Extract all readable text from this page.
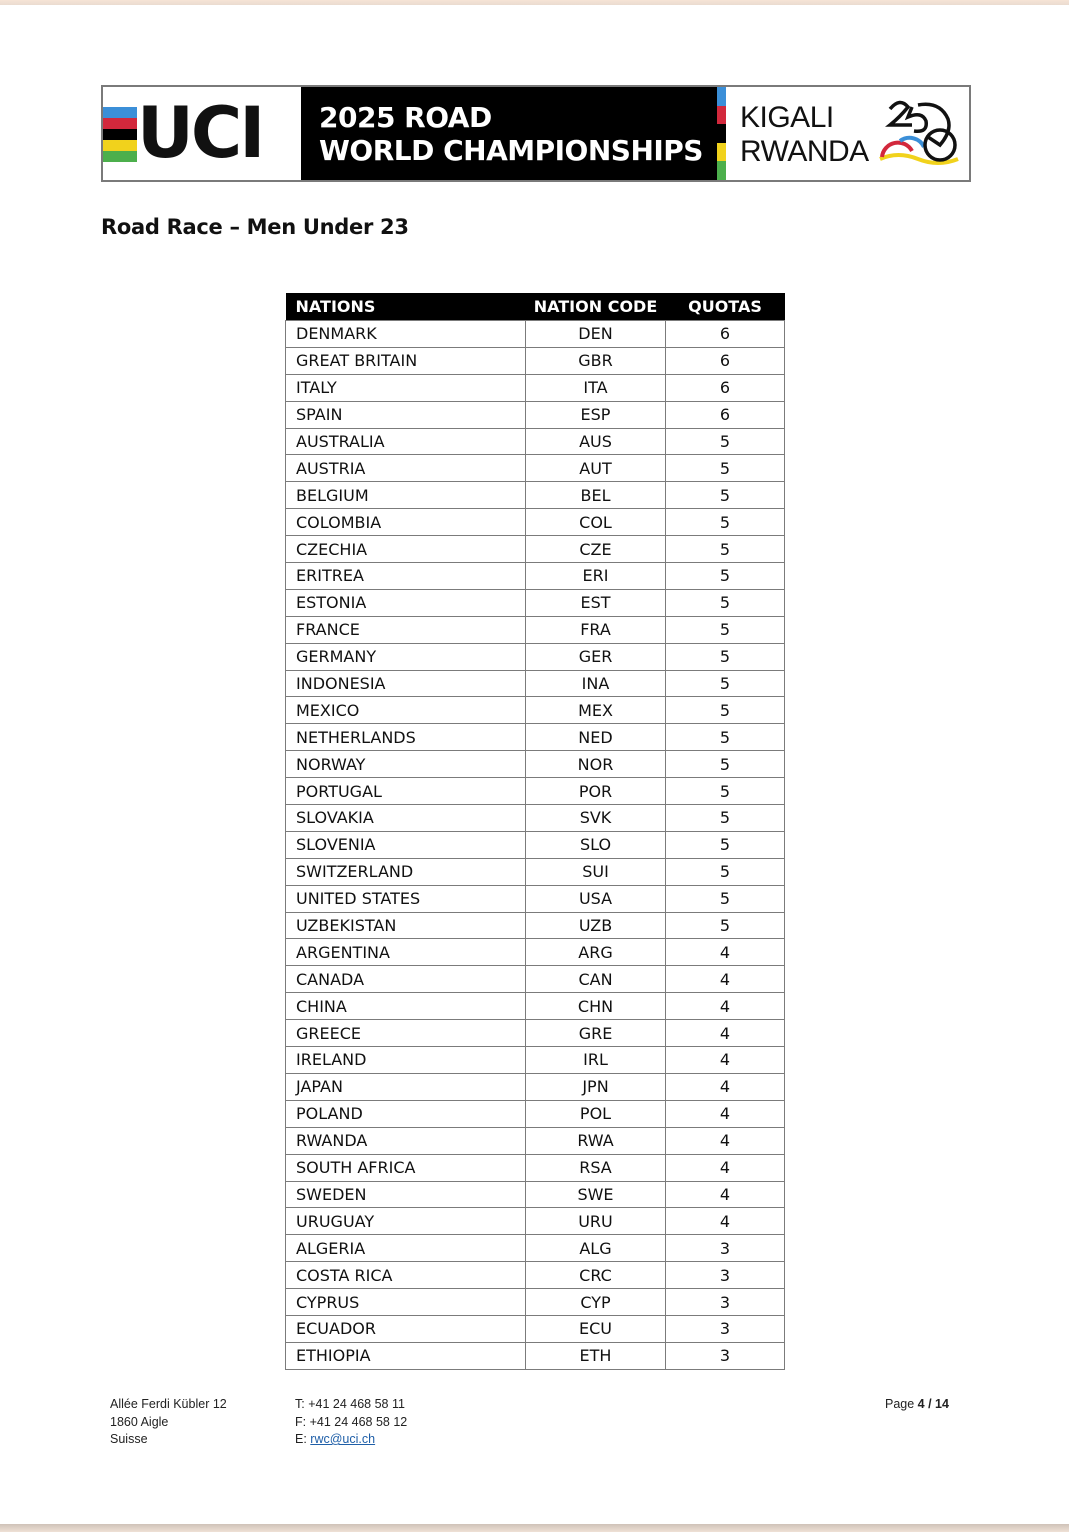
UCI 2025 ROAD
WORLD CHAMPIONSHIPS
KIGALI
RWANDA
Road Race – Men Under 23
NATIONS	NATION CODE	QUOTAS
DENMARK	DEN	6
GREAT BRITAIN	GBR	6
ITALY	ITA	6
SPAIN	ESP	6
AUSTRALIA	AUS	5
AUSTRIA	AUT	5
BELGIUM	BEL	5
COLOMBIA	COL	5
CZECHIA	CZE	5
ERITREA	ERI	5
ESTONIA	EST	5
FRANCE	FRA	5
GERMANY	GER	5
INDONESIA	INA	5
MEXICO	MEX	5
NETHERLANDS	NED	5
NORWAY	NOR	5
PORTUGAL	POR	5
SLOVAKIA	SVK	5
SLOVENIA	SLO	5
SWITZERLAND	SUI	5
UNITED STATES	USA	5
UZBEKISTAN	UZB	5
ARGENTINA	ARG	4
CANADA	CAN	4
CHINA	CHN	4
GREECE	GRE	4
IRELAND	IRL	4
JAPAN	JPN	4
POLAND	POL	4
RWANDA	RWA	4
SOUTH AFRICA	RSA	4
SWEDEN	SWE	4
URUGUAY	URU	4
ALGERIA	ALG	3
COSTA RICA	CRC	3
CYPRUS	CYP	3
ECUADOR	ECU	3
ETHIOPIA	ETH	3
Allée Ferdi Kübler 12
1860 Aigle
Suisse
T: +41 24 468 58 11
F: +41 24 468 58 12
E: rwc@uci.ch
Page 4 / 14
